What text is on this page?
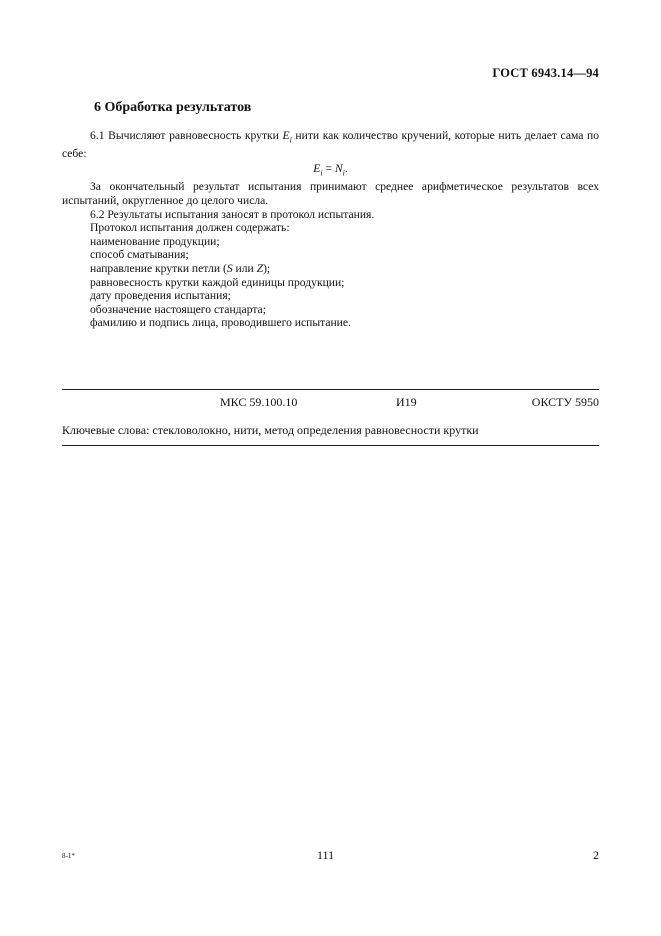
ГОСТ 6943.14—94
6 Обработка результатов

6.1 Вычисляют равновесность крутки $E_i$ нити как количество кручений, которые нить делает сама по себе:

$E_i = N_i$.

За окончательный результат испытания принимают среднее арифметическое результатов всех испытаний, округленное до целого числа.

6.2 Результаты испытания заносят в протокол испытания.

Протокол испытания должен содержать:

наименование продукции;

способ сматывания;

направление крутки петли (S или Z);

равновесность крутки каждой единицы продукции;

дату проведения испытания;

обозначение настоящего стандарта;

фамилию и подпись лица, проводившего испытание.

МКС 59.100.10	И19	ОКСТУ 5950
Ключевые слова: стекловолокно, нити, метод определения равновесности крутки
8-1*	111	2
